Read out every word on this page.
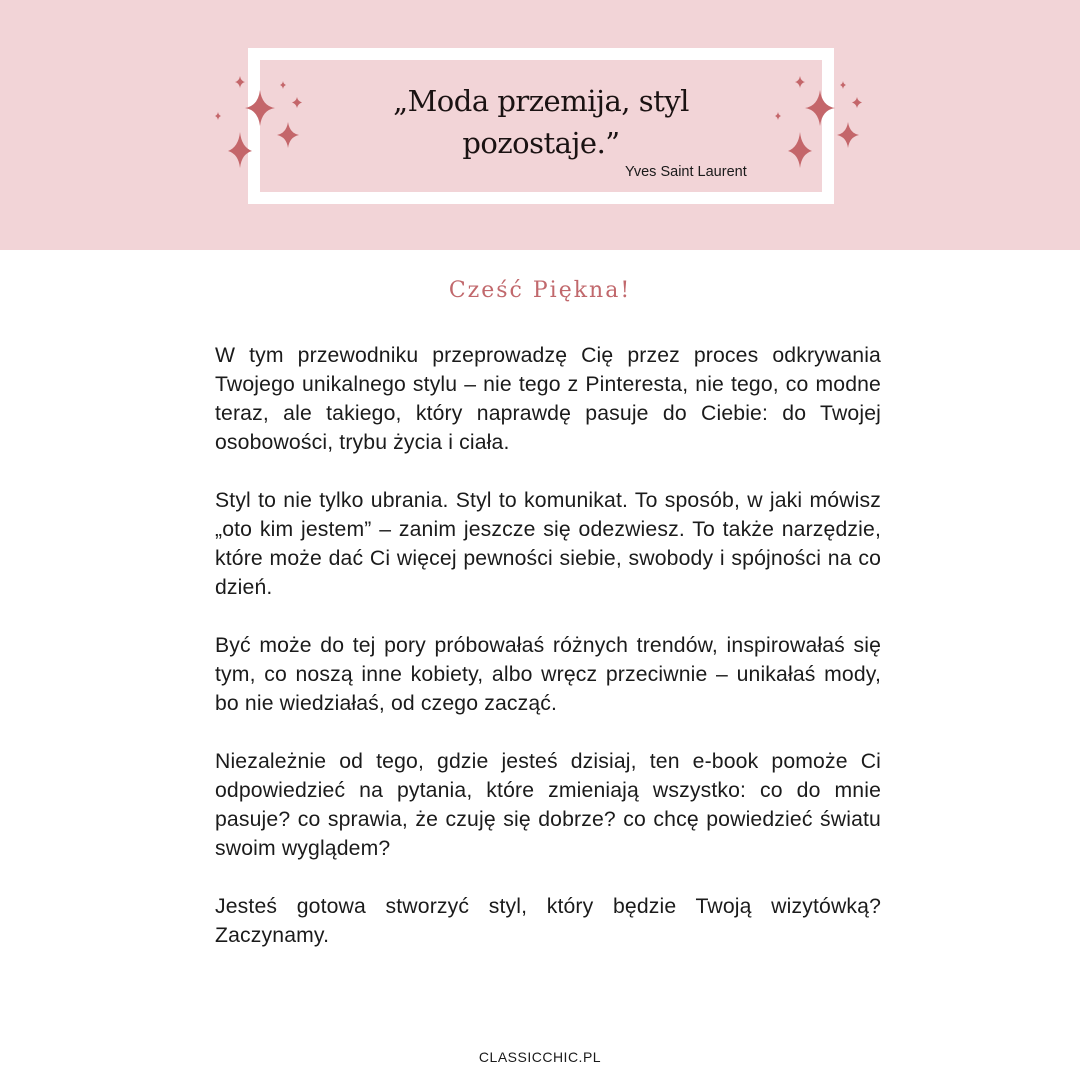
„Moda przemija, styl
pozostaje.”
Yves Saint Laurent
Cześć Piękna!

W tym przewodniku przeprowadzę Cię przez proces odkrywania Twojego unikalnego stylu – nie tego z Pinteresta, nie tego, co modne teraz, ale takiego, który naprawdę pasuje do Ciebie: do Twojej osobowości, trybu życia i ciała.

Styl to nie tylko ubrania. Styl to komunikat. To sposób, w jaki mówisz „oto kim jestem” – zanim jeszcze się odezwiesz. To także narzędzie, które może dać Ci więcej pewności siebie, swobody i spójności na co dzień.

Być może do tej pory próbowałaś różnych trendów, inspirowałaś się tym, co noszą inne kobiety, albo wręcz przeciwnie – unikałaś mody, bo nie wiedziałaś, od czego zacząć.

Niezależnie od tego, gdzie jesteś dzisiaj, ten e-book pomoże Ci odpowiedzieć na pytania, które zmieniają wszystko: co do mnie pasuje? co sprawia, że czuję się dobrze? co chcę powiedzieć światu swoim wyglądem?

Jesteś gotowa stworzyć styl, który będzie Twoją wizytówką? Zaczynamy.

CLASSICCHIC.PL
